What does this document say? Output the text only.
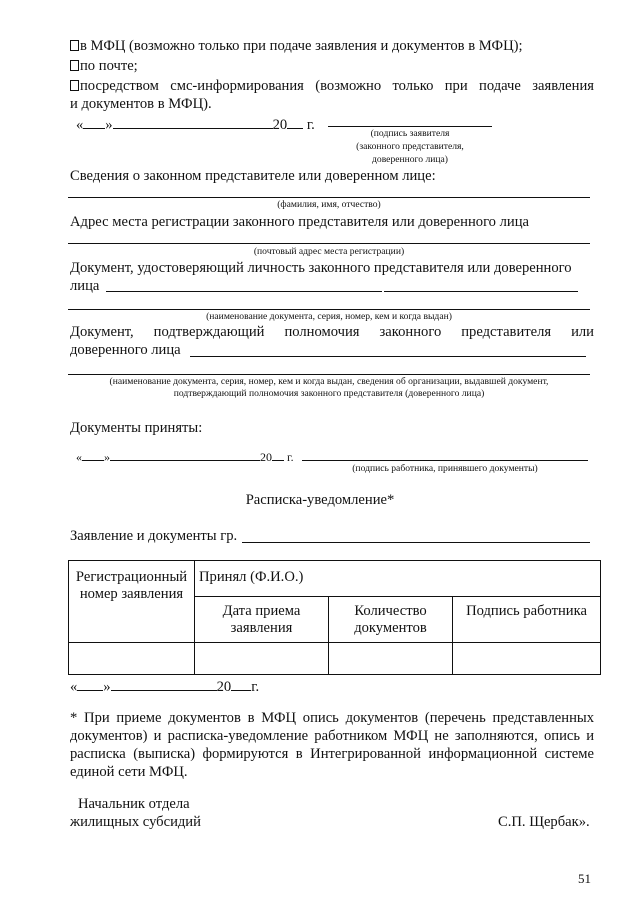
в МФЦ (возможно только при подаче заявления и документов в МФЦ);
по почте;
посредством смс-информирования (возможно только при подаче заявления
и документов в МФЦ).
« »	20 г.
(подпись заявителя
(законного представителя,
доверенного лица)
Сведения о законном представителе или доверенном лице:
(фамилия, имя, отчество)
Адрес места регистрации законного представителя или доверенного лица
(почтовый адрес места регистрации)
Документ, удостоверяющий личность законного представителя или доверенного
лица
(наименование документа, серия, номер, кем и когда выдан)
Документ, подтверждающий полномочия законного представителя или
доверенного лица
(наименование документа, серия, номер, кем и когда выдан, сведения об организации, выдавшей документ,
подтверждающий полномочия законного представителя (доверенного лица)
Документы приняты:
« »	20 г.
(подпись работника, принявшего документы)
Расписка-уведомление*
Заявление и документы гр.
Регистрационный номер заявления	Принял (Ф.И.О.)		
	Дата приема заявления	Количество документов	Подпись работника

« »	20 г.
* При приеме документов в МФЦ опись документов (перечень представленных
документов) и расписка-уведомление работником МФЦ не заполняются, опись и
расписка (выписка) формируются в Интегрированной информационной системе
единой сети МФЦ.
Начальник отдела
жилищных субсидий	С.П. Щербак».
51
